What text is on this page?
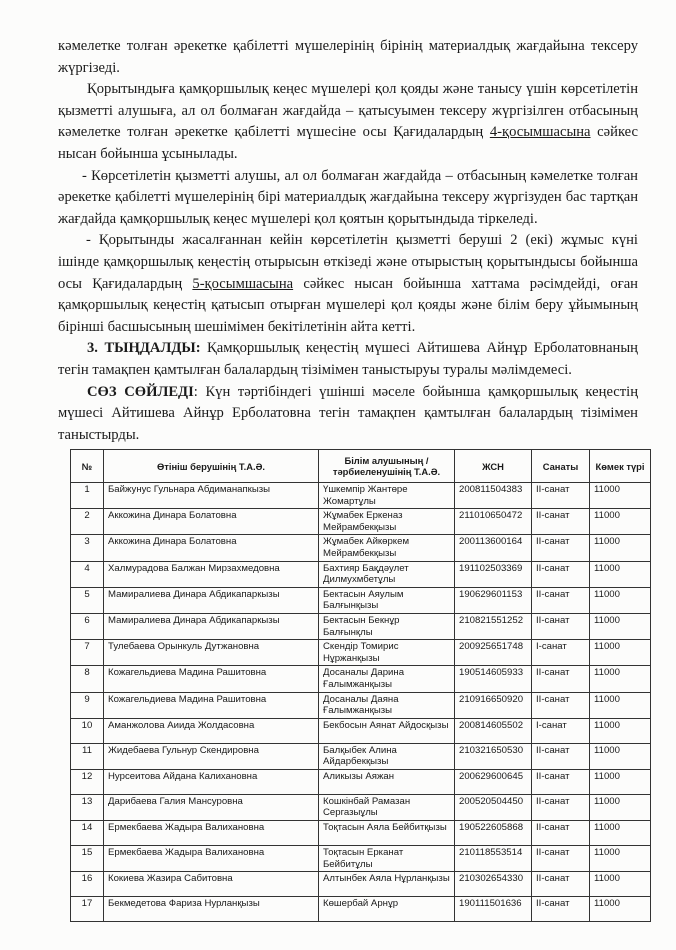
кәмелетке толған әрекетке қабілетті мүшелерінің бірінің материалдық жағдайына тексеру жүргізеді.

Қорытындыға қамқоршылық кеңес мүшелері қол қояды және танысу үшін көрсетілетін қызметті алушыға, ал ол болмаған жағдайда – қатысуымен тексеру жүргізілген отбасының кәмелетке толған әрекетке қабілетті мүшесіне осы Қағидалардың 4-қосымшасына сәйкес нысан бойынша ұсынылады.

- Көрсетілетін қызметті алушы, ал ол болмаған жағдайда – отбасының кәмелетке толған әрекетке қабілетті мүшелерінің бірі материалдық жағдайына тексеру жүргізуден бас тартқан жағдайда қамқоршылық кеңес мүшелері қол қоятын қорытындыда тіркеледі.

- Қорытынды жасалғаннан кейін көрсетілетін қызметті беруші 2 (екі) жұмыс күні ішінде қамқоршылық кеңестің отырысын өткізеді және отырыстың қорытындысы бойынша осы Қағидалардың 5-қосымшасына сәйкес нысан бойынша хаттама рәсімдейді, оған қамқоршылық кеңестің қатысып отырған мүшелері қол қояды және білім беру ұйымының бірінші басшысының шешімімен бекітілетінін айта кетті.

3. ТЫҢДАЛДЫ: Қамқоршылық кеңестің мүшесі Айтишева Айнұр Ерболатовнаның тегін тамақпен қамтылған балалардың тізімімен таныстыруы туралы мәлімдемесі.

СӨЗ СӨЙЛЕДІ: Күн тәртібіндегі үшінші мәселе бойынша қамқоршылық кеңестің мүшесі Айтишева Айнұр Ерболатовна тегін тамақпен қамтылған балалардың тізімімен таныстырды.

№	Өтініш берушінің Т.А.Ә.	Білім алушының / тәрбиеленушінің Т.А.Ә.	ЖСН	Санаты	Көмек түрі
1	Байжунус Гульнара Абдиманапкызы	Үшкемпір Жантөре Жомартұлы	200811504383	II-санат	11000
2	Аккожина Динара Болатовна	Жұмабек Еркеназ Мейрамбекқызы	211010650472	II-санат	11000
3	Аккожина Динара Болатовна	Жұмабек Айкөркем Мейрамбекқызы	200113600164	II-санат	11000
4	Халмурадова Балжан Мирзахмедовна	Бахтияр Бақдәулет Дилмухмбетұлы	191102503369	II-санат	11000
5	Мамиралиева Динара Абдикапаркызы	Бектасын Аяулым Балғынқызы	190629601153	II-санат	11000
6	Мамиралиева Динара Абдикапаркызы	Бектасын Бекнұр Балғынқлы	210821551252	II-санат	11000
7	Тулебаева Орынкуль Дутжановна	Скендір Томирис Нұржанқызы	200925651748	I-санат	11000
8	Кожагельдиева Мадина Рашитовна	Досаналы Дарина Ғалымжанқызы	190514605933	II-санат	11000
9	Кожагельдиева Мадина Рашитовна	Досаналы Даяна Ғалымжанқызы	210916650920	II-санат	11000
10	Аманжолова Аиида Жолдасовна	Бекбосын Аянат Айдосқызы	200814605502	I-санат	11000
11	Жидебаева Гульнур Скендировна	Балқыбек Алина Айдарбекқызы	210321650530	II-санат	11000
12	Нурсеитова Айдана Калихановна	Аликызы Аяжан	200629600645	II-санат	11000
13	Дарибаева Галия Мансуровна	Кошкінбай Рамазан Сергазыұлы	200520504450	II-санат	11000
14	Ермекбаева Жадыра Валихановна	Тоқтасын Аяла Бейбитқызы	190522605868	II-санат	11000
15	Ермекбаева Жадыра Валихановна	Тоқтасын Ерканат Бейбитұлы	210118553514	II-санат	11000
16	Кокиева Жазира Сабитовна	Алтынбек Аяла Нұрланқызы	210302654330	II-санат	11000
17	Бекмедетова Фариза Нурланқызы	Көшербай Арнұр	190111501636	II-санат	11000
